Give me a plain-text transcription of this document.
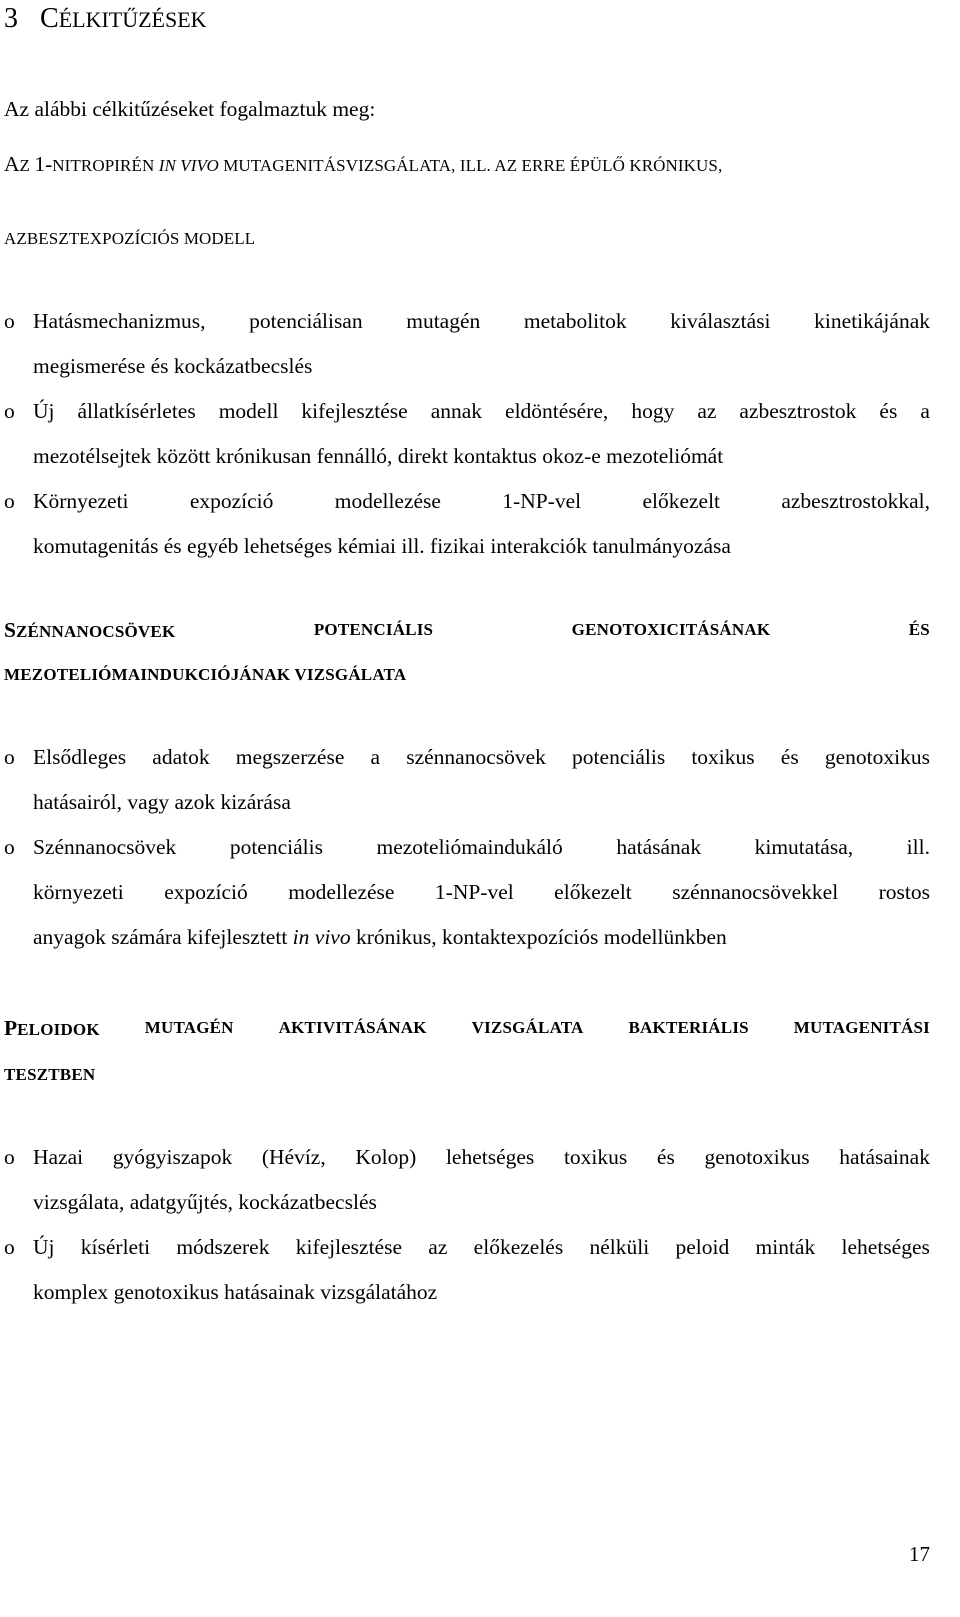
3 CÉLKITŰZÉSEK
Az alábbi célkitűzéseket fogalmaztuk meg:
AZ 1-NITROPIRÉN IN VIVO MUTAGENITÁSVIZSGÁLATA, ILL. AZ ERRE ÉPÜLŐ KRÓNIKUS,
AZBESZTEXPOZÍCIÓS MODELL
o Hatásmechanizmus, potenciálisan mutagén metabolitok kiválasztási kinetikájának
megismerése és kockázatbecslés
o Új állatkísérletes modell kifejlesztése annak eldöntésére, hogy az azbesztrostok és a
mezotélsejtek között krónikusan fennálló, direkt kontaktus okoz-e mezoteliómát
o Környezeti	expozíció	modellezése	1-NP-vel	előkezelt	azbesztrostokkal,
komutagenitás és egyéb lehetséges kémiai ill. fizikai interakciók tanulmányozása
SZÉNNANOCSÖVEK	POTENCIÁLIS	GENOTOXICITÁSÁNAK	ÉS
MEZOTELIÓMAINDUKCIÓJÁNAK VIZSGÁLATA
o Elsődleges adatok megszerzése a szénnanocsövek potenciális toxikus és genotoxikus
hatásairól, vagy azok kizárása
o Szénnanocsövek potenciális mezoteliómaindukáló hatásának kimutatása, ill.
környezeti expozíció modellezése 1-NP-vel előkezelt szénnanocsövekkel rostos
anyagok számára kifejlesztett in vivo krónikus, kontaktexpozíciós modellünkben
PELOIDOK	MUTAGÉN	AKTIVITÁSÁNAK	VIZSGÁLATA	BAKTERIÁLIS	MUTAGENITÁSI
TESZTBEN
o Hazai gyógyiszapok (Hévíz, Kolop) lehetséges toxikus és genotoxikus hatásainak
vizsgálata, adatgyűjtés, kockázatbecslés
o Új kísérleti módszerek kifejlesztése az előkezelés nélküli peloid minták lehetséges
komplex genotoxikus hatásainak vizsgálatához
17
